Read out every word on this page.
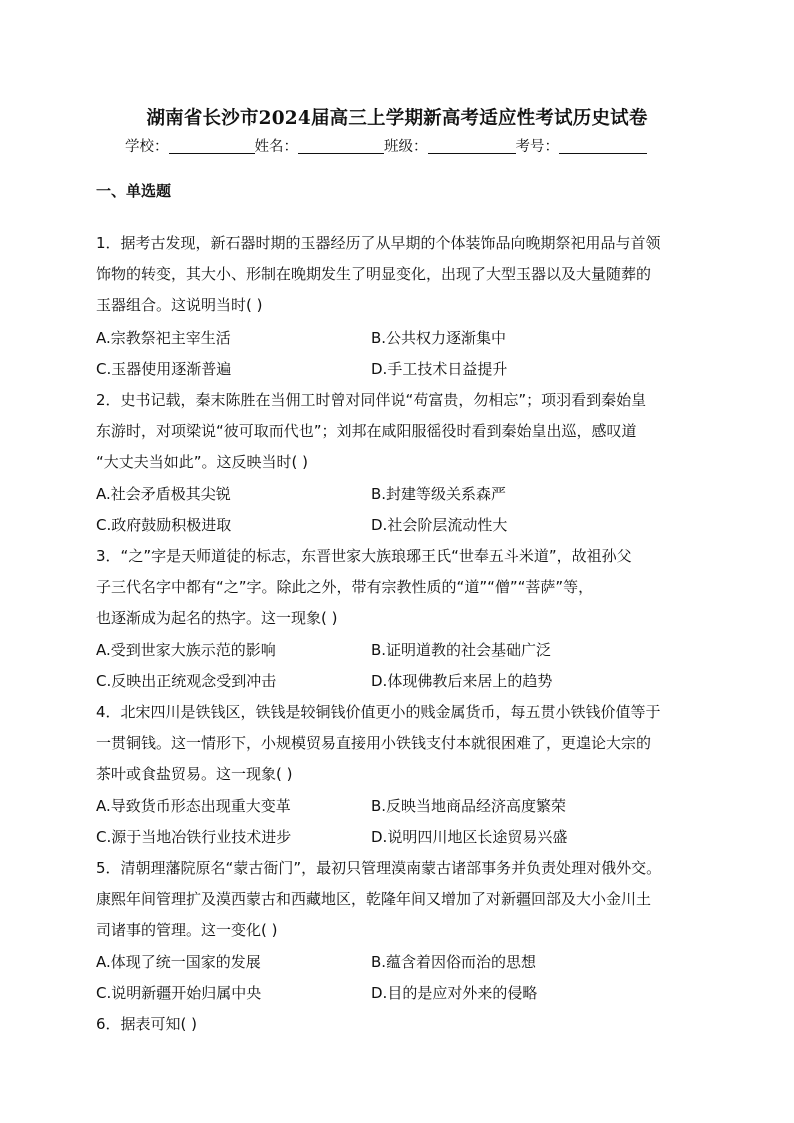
湖南省长沙市2024届高三上学期新高考适应性考试历史试卷
学校：	姓名：	班级：	考号：
一、单选题
1．据考古发现，新石器时期的玉器经历了从早期的个体装饰品向晚期祭祀用品与首领
饰物的转变，其大小、形制在晚期发生了明显变化，出现了大型玉器以及大量随葬的
玉器组合。这说明当时( )
A.宗教祭祀主宰生活	B.公共权力逐渐集中
C.玉器使用逐渐普遍	D.手工技术日益提升
2．史书记载，秦末陈胜在当佣工时曾对同伴说“苟富贵，勿相忘”；项羽看到秦始皇
东游时，对项梁说“彼可取而代也”；刘邦在咸阳服徭役时看到秦始皇出巡，感叹道
“大丈夫当如此”。这反映当时( )
A.社会矛盾极其尖锐	B.封建等级关系森严
C.政府鼓励积极进取	D.社会阶层流动性大
3．“之”字是天师道徒的标志，东晋世家大族琅琊王氏“世奉五斗米道”，故祖孙父
子三代名字中都有“之”字。除此之外，带有宗教性质的“道”“僧”“菩萨”等，
也逐渐成为起名的热字。这一现象( )
A.受到世家大族示范的影响	B.证明道教的社会基础广泛
C.反映出正统观念受到冲击	D.体现佛教后来居上的趋势
4．北宋四川是铁钱区，铁钱是较铜钱价值更小的贱金属货币，每五贯小铁钱价值等于
一贯铜钱。这一情形下，小规模贸易直接用小铁钱支付本就很困难了，更遑论大宗的
茶叶或食盐贸易。这一现象( )
A.导致货币形态出现重大变革	B.反映当地商品经济高度繁荣
C.源于当地冶铁行业技术进步	D.说明四川地区长途贸易兴盛
5．清朝理藩院原名“蒙古衙门”，最初只管理漠南蒙古诸部事务并负责处理对俄外交。
康熙年间管理扩及漠西蒙古和西藏地区，乾隆年间又增加了对新疆回部及大小金川土
司诸事的管理。这一变化( )
A.体现了统一国家的发展	B.蕴含着因俗而治的思想
C.说明新疆开始归属中央	D.目的是应对外来的侵略
6．据表可知( )
